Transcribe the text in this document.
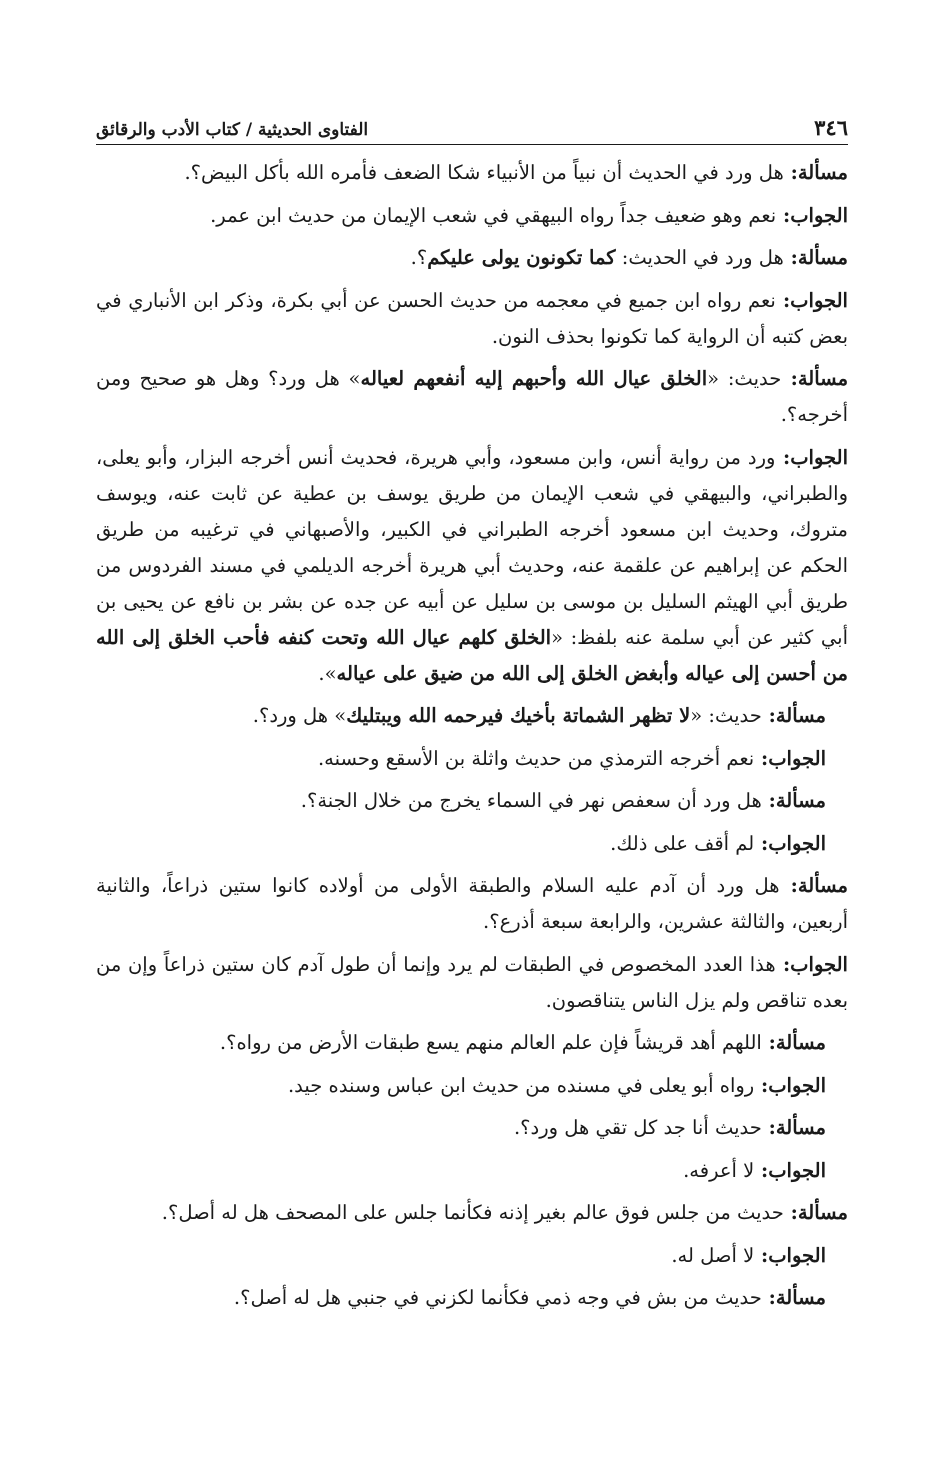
٣٤٦
الفتاوى الحديثية / كتاب الأدب والرقائق

مسألة: هل ورد في الحديث أن نبياً من الأنبياء شكا الضعف فأمره الله بأكل البيض؟.

الجواب: نعم وهو ضعيف جداً رواه البيهقي في شعب الإيمان من حديث ابن عمر.

مسألة: هل ورد في الحديث: كما تكونون يولى عليكم؟.

الجواب: نعم رواه ابن جميع في معجمه من حديث الحسن عن أبي بكرة، وذكر ابن الأنباري في بعض كتبه أن الرواية كما تكونوا بحذف النون.

مسألة: حديث: «الخلق عيال الله وأحبهم إليه أنفعهم لعياله» هل ورد؟ وهل هو صحيح ومن أخرجه؟.

الجواب: ورد من رواية أنس، وابن مسعود، وأبي هريرة، فحديث أنس أخرجه البزار، وأبو يعلى، والطبراني، والبيهقي في شعب الإيمان من طريق يوسف بن عطية عن ثابت عنه، ويوسف متروك، وحديث ابن مسعود أخرجه الطبراني في الكبير، والأصبهاني في ترغيبه من طريق الحكم عن إبراهيم عن علقمة عنه، وحديث أبي هريرة أخرجه الديلمي في مسند الفردوس من طريق أبي الهيثم السليل بن موسى بن سليل عن أبيه عن جده عن بشر بن نافع عن يحيى بن أبي كثير عن أبي سلمة عنه بلفظ: «الخلق كلهم عيال الله وتحت كنفه فأحب الخلق إلى الله من أحسن إلى عياله وأبغض الخلق إلى الله من ضيق على عياله».

مسألة: حديث: «لا تظهر الشماتة بأخيك فيرحمه الله ويبتليك» هل ورد؟.

الجواب: نعم أخرجه الترمذي من حديث واثلة بن الأسقع وحسنه.

مسألة: هل ورد أن سعفص نهر في السماء يخرج من خلال الجنة؟.

الجواب: لم أقف على ذلك.

مسألة: هل ورد أن آدم عليه السلام والطبقة الأولى من أولاده كانوا ستين ذراعاً، والثانية أربعين، والثالثة عشرين، والرابعة سبعة أذرع؟.

الجواب: هذا العدد المخصوص في الطبقات لم يرد وإنما أن طول آدم كان ستين ذراعاً وإن من بعده تناقص ولم يزل الناس يتناقصون.

مسألة: اللهم أهد قريشاً فإن علم العالم منهم يسع طبقات الأرض من رواه؟.

الجواب: رواه أبو يعلى في مسنده من حديث ابن عباس وسنده جيد.

مسألة: حديث أنا جد كل تقي هل ورد؟.

الجواب: لا أعرفه.

مسألة: حديث من جلس فوق عالم بغير إذنه فكأنما جلس على المصحف هل له أصل؟.

الجواب: لا أصل له.

مسألة: حديث من بش في وجه ذمي فكأنما لكزني في جنبي هل له أصل؟.
